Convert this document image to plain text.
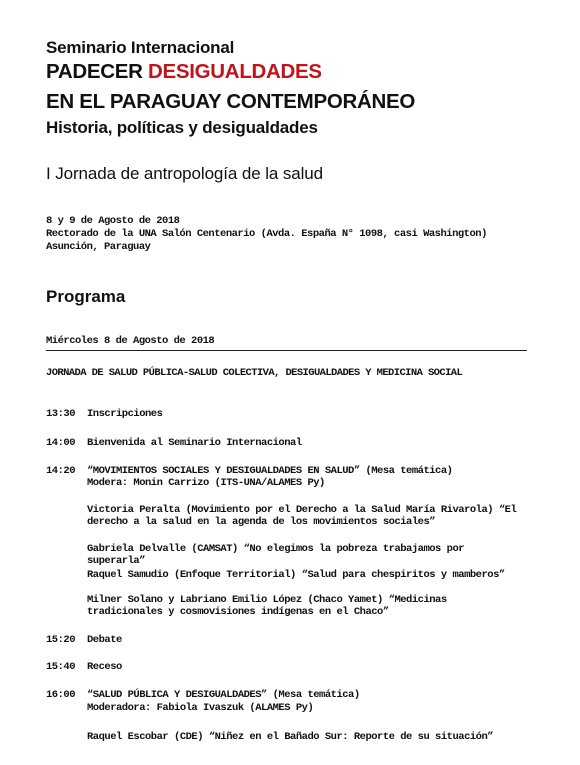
Seminario Internacional
PADECER DESIGUALDADES
EN EL PARAGUAY CONTEMPORÁNEO
Historia, políticas y desigualdades
I Jornada de antropología de la salud
8 y 9 de Agosto de 2018
Rectorado de la UNA Salón Centenario (Avda. España N° 1098, casi Washington)
Asunción, Paraguay
Programa
Miércoles 8 de Agosto de 2018
JORNADA DE SALUD PÚBLICA-SALUD COLECTIVA, DESIGUALDADES Y MEDICINA SOCIAL
13:30	Inscripciones
14:00	Bienvenida al Seminario Internacional
14:20	“MOVIMIENTOS SOCIALES Y DESIGUALDADES EN SALUD” (Mesa temática)
Modera: Monin Carrizo (ITS-UNA/ALAMES Py)
Victoria Peralta (Movimiento por el Derecho a la Salud María Rivarola) “El derecho a la salud en la agenda de los movimientos sociales”
Gabriela Delvalle (CAMSAT) “No elegimos la pobreza trabajamos por superarla”
Raquel Samudio (Enfoque Territorial) “Salud para chespiritos y mamberos”
Milner Solano y Labriano Emilio López (Chaco Yamet) “Medicinas tradicionales y cosmovisiones indígenas en el Chaco”
15:20	Debate
15:40	Receso
16:00	“SALUD PÚBLICA Y DESIGUALDADES” (Mesa temática)
Moderadora: Fabiola Ivaszuk (ALAMES Py)
Raquel Escobar (CDE) “Niñez en el Bañado Sur: Reporte de su situación”
